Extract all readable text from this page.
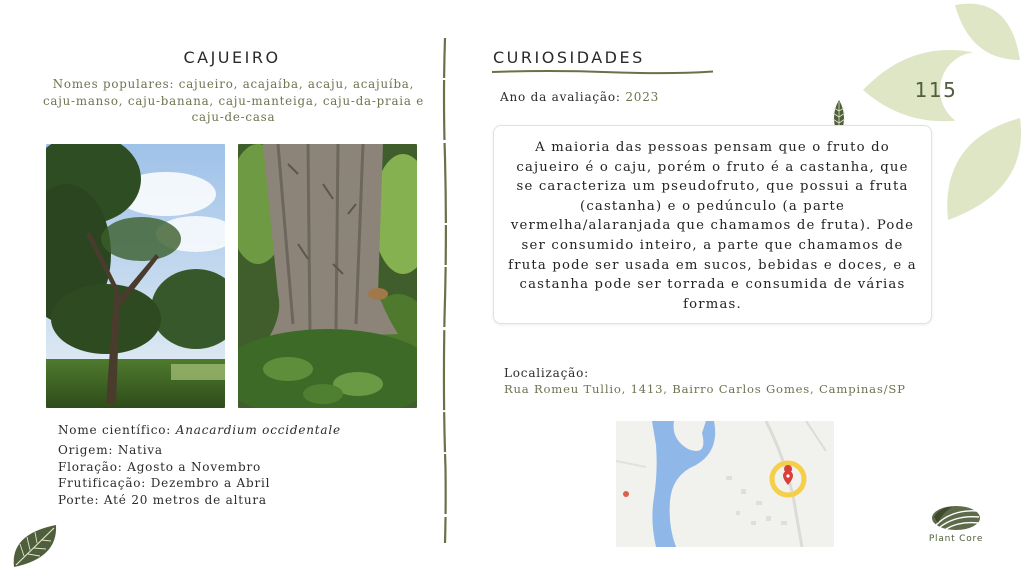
CAJUEIRO
Nomes populares: cajueiro, acajaíba, acaju, acajuíba, caju-manso, caju-banana, caju-manteiga, caju-da-praia e caju-de-casa
Nome científico: Anacardium occidentale
Origem: Nativa
Floração: Agosto a Novembro
Frutificação: Dezembro a Abril
Porte: Até 20 metros de altura
CURIOSIDADES
Ano da avaliação: 2023
A maioria das pessoas pensam que o fruto do cajueiro é o caju, porém o fruto é a castanha, que se caracteriza um pseudofruto, que possui a fruta (castanha) e o pedúnculo (a parte vermelha/alaranjada que chamamos de fruta). Pode ser consumido inteiro, a parte que chamamos de fruta pode ser usada em sucos, bebidas e doces, e a castanha pode ser torrada e consumida de várias formas.
Localização:
Rua Romeu Tullio, 1413, Bairro Carlos Gomes, Campinas/SP
115
Plant Core
